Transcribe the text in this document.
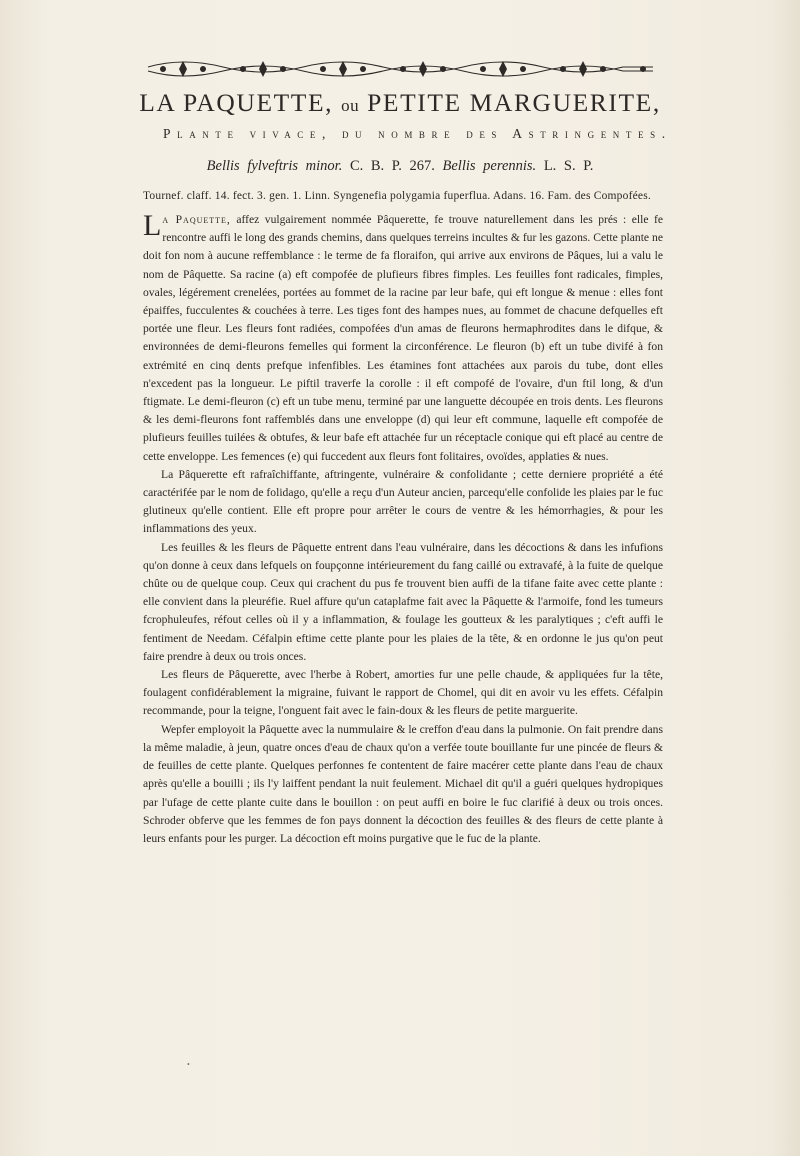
LA PAQUETTE, ou PETITE MARGUERITE,
Plante vivace, du nombre des Astringentes.
Bellis fylveftris minor. C. B. P. 267. Bellis perennis. L. S. P.
Tournef. claff. 14. fect. 3. gen. 1. Linn. Syngenefia polygamia fuperflua. Adans. 16. Fam. des Compofées.

La Paquette, affez vulgairement nommée Pâquerette, fe trouve naturellement dans les prés : elle fe rencontre auffi le long des grands chemins, dans quelques terreins incultes & fur les gazons. Cette plante ne doit fon nom à aucune reffemblance : le terme de fa floraifon, qui arrive aux environs de Pâques, lui a valu le nom de Pâquette. Sa racine (a) eft compofée de plufieurs fibres fimples. Les feuilles font radicales, fimples, ovales, légérement crenelées, portées au fommet de la racine par leur bafe, qui eft longue & menue : elles font épaiffes, fucculentes & couchées à terre. Les tiges font des hampes nues, au fommet de chacune defquelles eft portée une fleur. Les fleurs font radiées, compofées d'un amas de fleurons hermaphrodites dans le difque, & environnées de demi-fleurons femelles qui forment la circonférence. Le fleuron (b) eft un tube divifé à fon extrémité en cinq dents prefque infenfibles. Les étamines font attachées aux parois du tube, dont elles n'excedent pas la longueur. Le piftil traverfe la corolle : il eft compofé de l'ovaire, d'un ftil long, & d'un ftigmate. Le demi-fleuron (c) eft un tube menu, terminé par une languette découpée en trois dents. Les fleurons & les demi-fleurons font raffemblés dans une enveloppe (d) qui leur eft commune, laquelle eft compofée de plufieurs feuilles tuilées & obtufes, & leur bafe eft attachée fur un réceptacle conique qui eft placé au centre de cette enveloppe. Les femences (e) qui fuccedent aux fleurs font folitaires, ovoïdes, applaties & nues.

La Pâquerette eft rafraîchiffante, aftringente, vulnéraire & confolidante ; cette derniere propriété a été caractérifée par le nom de folidago, qu'elle a reçu d'un Auteur ancien, parcequ'elle confolide les plaies par le fuc glutineux qu'elle contient. Elle eft propre pour arrêter le cours de ventre & les hémorrhagies, & pour les inflammations des yeux.

Les feuilles & les fleurs de Pâquette entrent dans l'eau vulnéraire, dans les décoctions & dans les infufions qu'on donne à ceux dans lefquels on foupçonne intérieurement du fang caillé ou extravafé, à la fuite de quelque chûte ou de quelque coup. Ceux qui crachent du pus fe trouvent bien auffi de la tifane faite avec cette plante : elle convient dans la pleuréfie. Ruel affure qu'un cataplafme fait avec la Pâquette & l'armoife, fond les tumeurs fcrophuleufes, réfout celles où il y a inflammation, & foulage les goutteux & les paralytiques ; c'eft auffi le fentiment de Needam. Céfalpin eftime cette plante pour les plaies de la tête, & en ordonne le jus qu'on peut faire prendre à deux ou trois onces.

Les fleurs de Pâquerette, avec l'herbe à Robert, amorties fur une pelle chaude, & appliquées fur la tête, foulagent confidérablement la migraine, fuivant le rapport de Chomel, qui dit en avoir vu les effets. Céfalpin recommande, pour la teigne, l'onguent fait avec le fain-doux & les fleurs de petite marguerite.

Wepfer employoit la Pâquette avec la nummulaire & le creffon d'eau dans la pulmonie. On fait prendre dans la même maladie, à jeun, quatre onces d'eau de chaux qu'on a verfée toute bouillante fur une pincée de fleurs & de feuilles de cette plante. Quelques perfonnes fe contentent de faire macérer cette plante dans l'eau de chaux après qu'elle a bouilli ; ils l'y laiffent pendant la nuit feulement. Michael dit qu'il a guéri quelques hydropiques par l'ufage de cette plante cuite dans le bouillon : on peut auffi en boire le fuc clarifié à deux ou trois onces. Schroder obferve que les femmes de fon pays donnent la décoction des feuilles & des fleurs de cette plante à leurs enfants pour les purger. La décoction eft moins purgative que le fuc de la plante.

•
